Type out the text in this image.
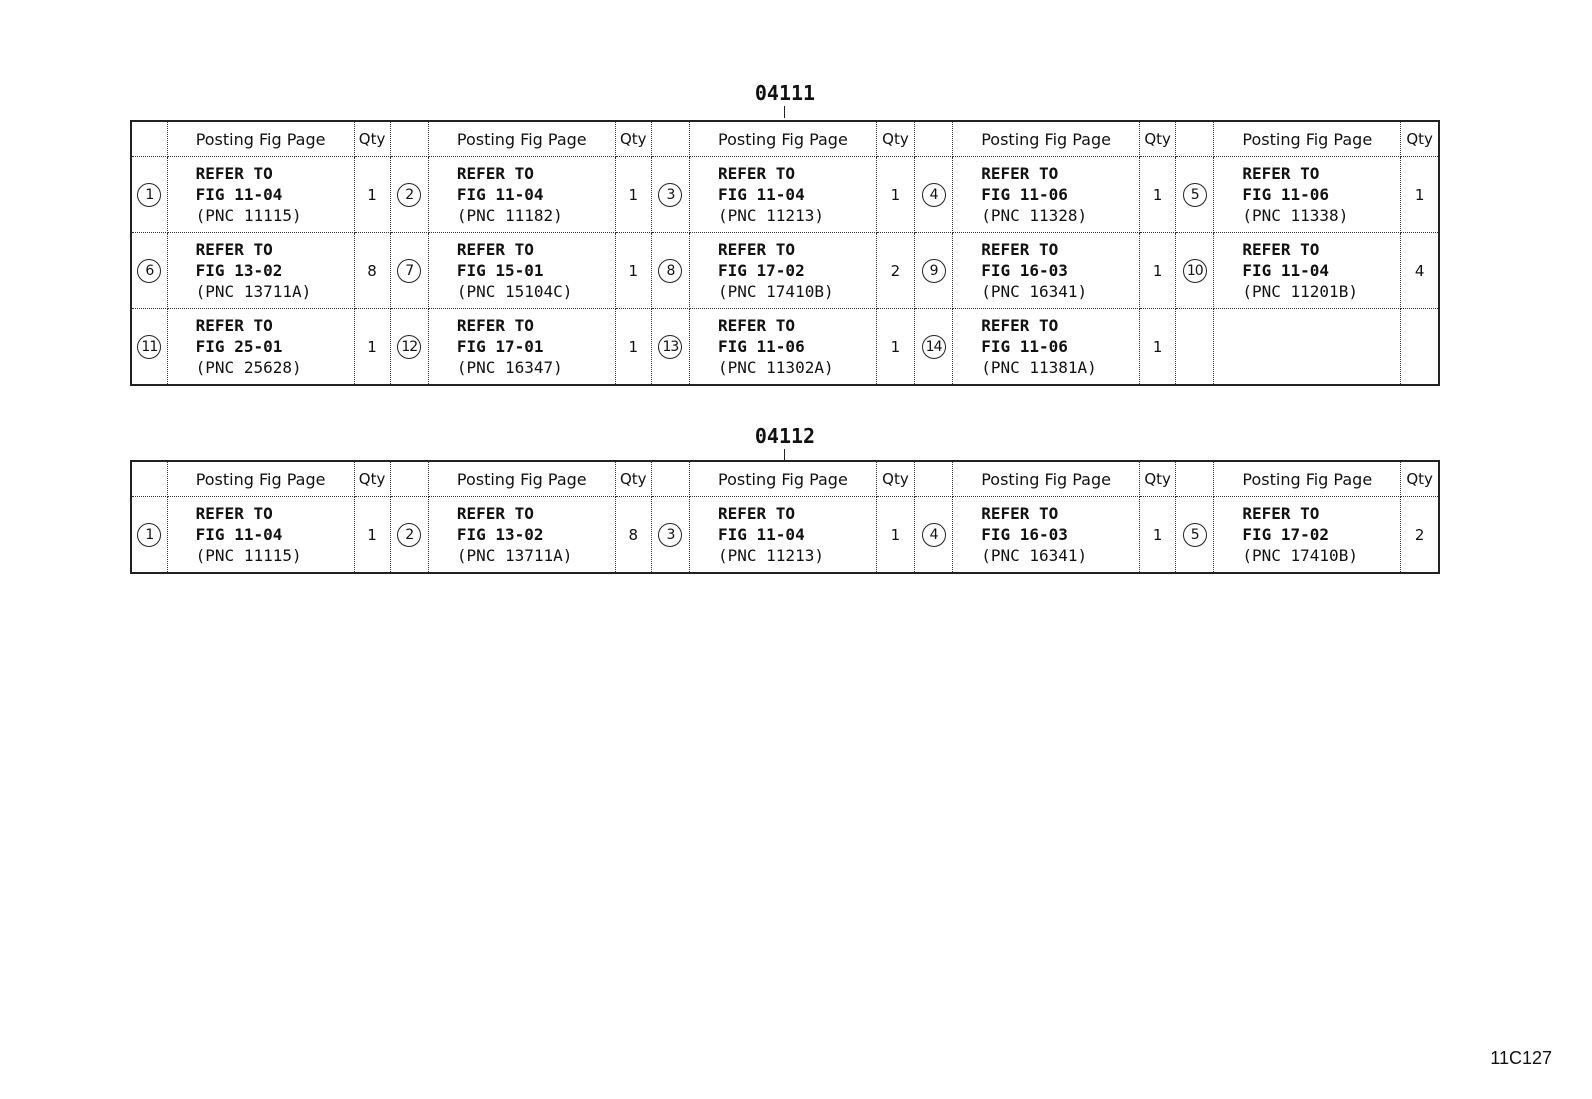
04111
	Posting Fig Page	Qty		Posting Fig Page	Qty		Posting Fig Page	Qty		Posting Fig Page	Qty		Posting Fig Page	Qty
1	REFER TO
FIG 11-04
(PNC 11115)	1	2	REFER TO
FIG 11-04
(PNC 11182)	1	3	REFER TO
FIG 11-04
(PNC 11213)	1	4	REFER TO
FIG 11-06
(PNC 11328)	1	5	REFER TO
FIG 11-06
(PNC 11338)	1
6	REFER TO
FIG 13-02
(PNC 13711A)	8	7	REFER TO
FIG 15-01
(PNC 15104C)	1	8	REFER TO
FIG 17-02
(PNC 17410B)	2	9	REFER TO
FIG 16-03
(PNC 16341)	1	10	REFER TO
FIG 11-04
(PNC 11201B)	4
11	REFER TO
FIG 25-01
(PNC 25628)	1	12	REFER TO
FIG 17-01
(PNC 16347)	1	13	REFER TO
FIG 11-06
(PNC 11302A)	1	14	REFER TO
FIG 11-06
(PNC 11381A)	1		

04112
	Posting Fig Page	Qty		Posting Fig Page	Qty		Posting Fig Page	Qty		Posting Fig Page	Qty		Posting Fig Page	Qty
1	REFER TO
FIG 11-04
(PNC 11115)	1	2	REFER TO
FIG 13-02
(PNC 13711A)	8	3	REFER TO
FIG 11-04
(PNC 11213)	1	4	REFER TO
FIG 16-03
(PNC 16341)	1	5	REFER TO
FIG 17-02
(PNC 17410B)	2
11C127
